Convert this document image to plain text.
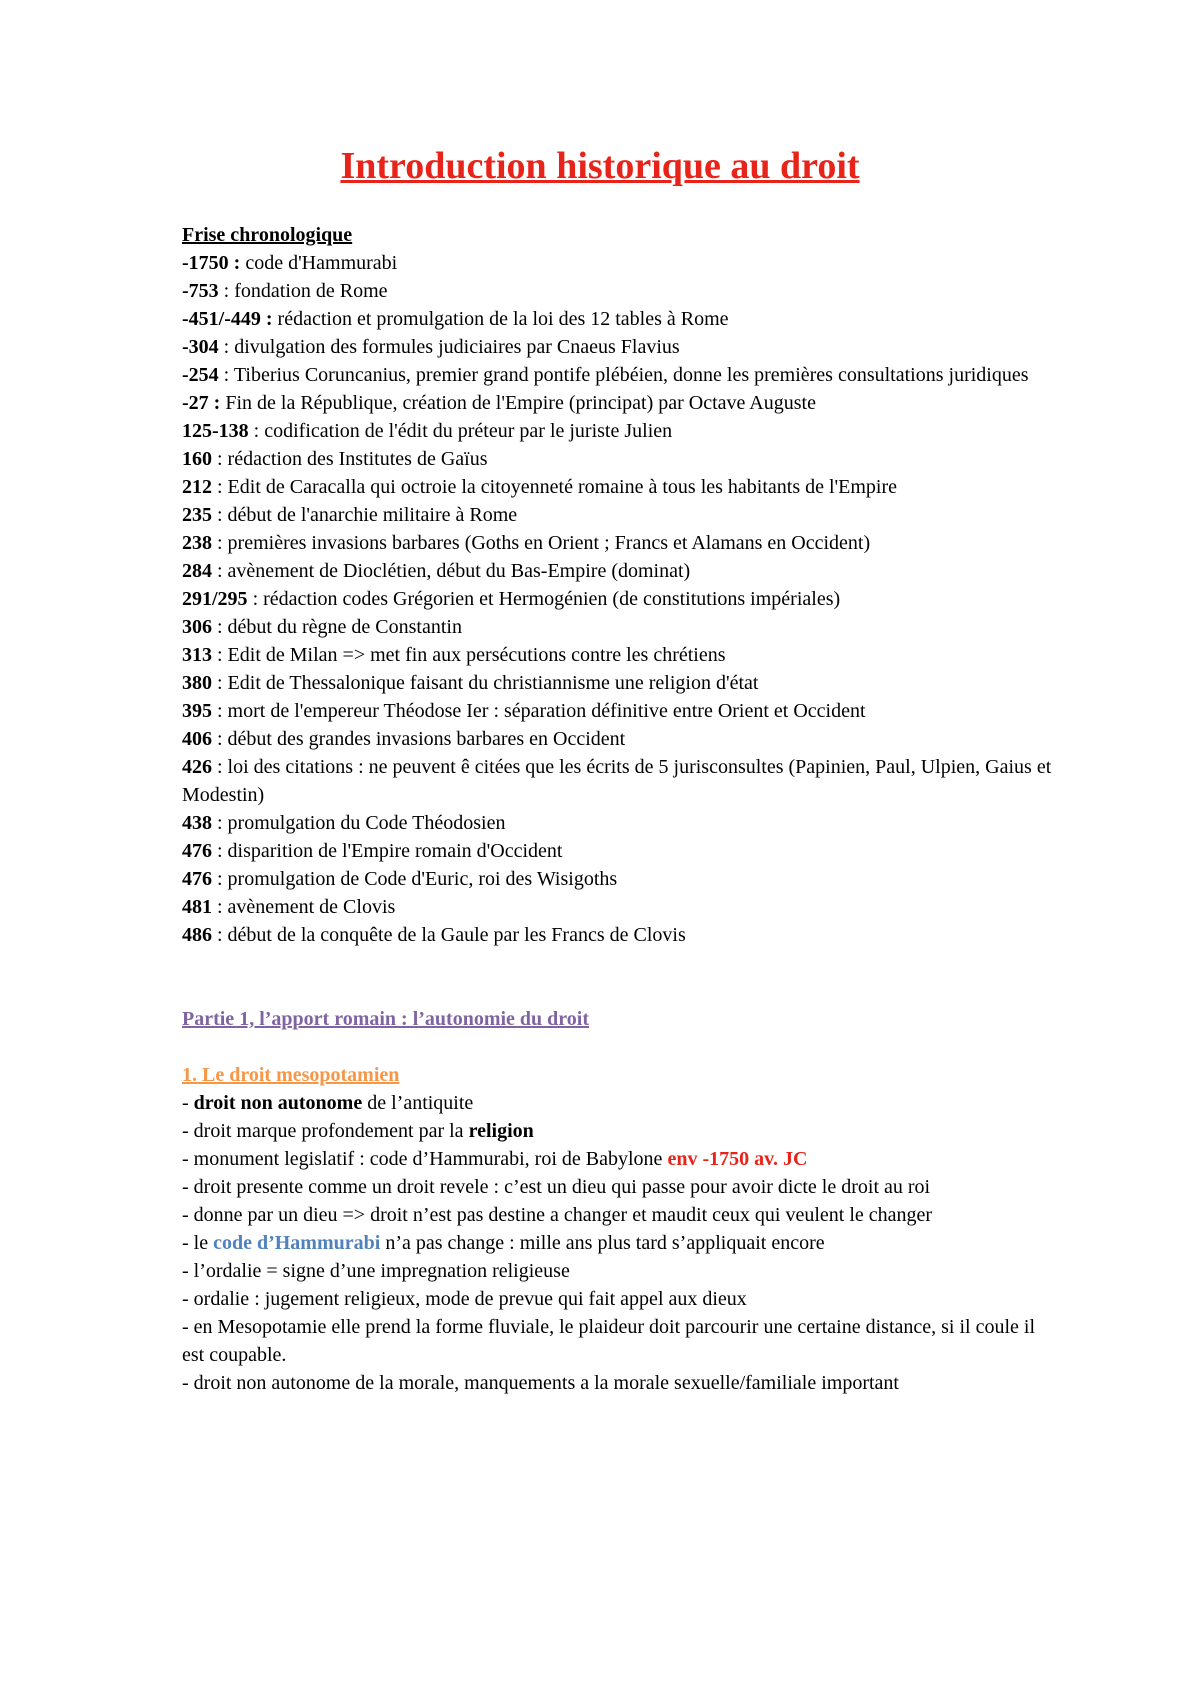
Introduction historique au droit

Frise chronologique

-1750 : code d'Hammurabi

-753 : fondation de Rome

-451/-449 : rédaction et promulgation de la loi des 12 tables à Rome

-304 : divulgation des formules judiciaires par Cnaeus Flavius

-254 : Tiberius Coruncanius, premier grand pontife plébéien, donne les premières consultations juridiques

-27 : Fin de la République, création de l'Empire (principat) par Octave Auguste

125-138 : codification de l'édit du préteur par le juriste Julien

160 : rédaction des Institutes de Gaïus

212 : Edit de Caracalla qui octroie la citoyenneté romaine à tous les habitants de l'Empire

235 : début de l'anarchie militaire à Rome

238 : premières invasions barbares (Goths en Orient ; Francs et Alamans en Occident)

284 : avènement de Dioclétien, début du Bas-Empire (dominat)

291/295 : rédaction codes Grégorien et Hermogénien (de constitutions impériales)

306 : début du règne de Constantin

313 : Edit de Milan => met fin aux persécutions contre les chrétiens

380 : Edit de Thessalonique faisant du christiannisme une religion d'état

395 : mort de l'empereur Théodose Ier : séparation définitive entre Orient et Occident

406 : début des grandes invasions barbares en Occident

426 : loi des citations : ne peuvent ê citées que les écrits de 5 jurisconsultes (Papinien, Paul, Ulpien, Gaius et Modestin)

438 : promulgation du Code Théodosien

476 : disparition de l'Empire romain d'Occident

476 : promulgation de Code d'Euric, roi des Wisigoths

481 : avènement de Clovis

486 : début de la conquête de la Gaule par les Francs de Clovis

Partie 1, l’apport romain : l’autonomie du droit

1. Le droit mesopotamien

- droit non autonome de l’antiquite

- droit marque profondement par la religion

- monument legislatif : code d’Hammurabi, roi de Babylone env -1750 av. JC

- droit presente comme un droit revele : c’est un dieu qui passe pour avoir dicte le droit au roi

- donne par un dieu => droit n’est pas destine a changer et maudit ceux qui veulent le changer

- le code d’Hammurabi n’a pas change : mille ans plus tard s’appliquait encore

- l’ordalie = signe d’une impregnation religieuse

- ordalie : jugement religieux, mode de prevue qui fait appel aux dieux

- en Mesopotamie elle prend la forme fluviale, le plaideur doit parcourir une certaine distance, si il coule il est coupable.

- droit non autonome de la morale, manquements a la morale sexuelle/familiale important
